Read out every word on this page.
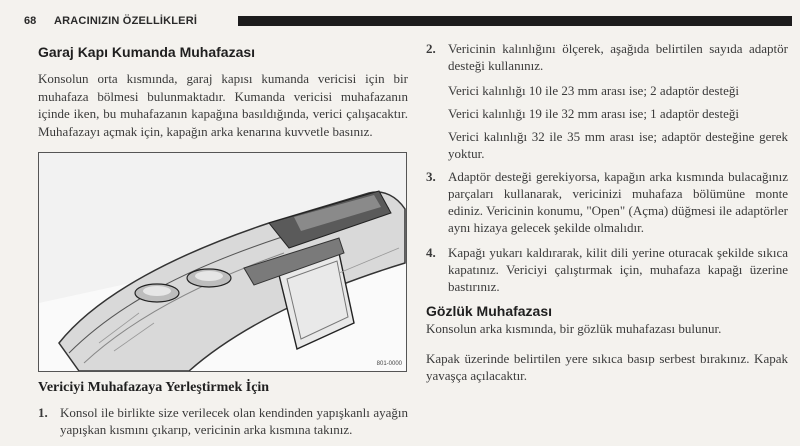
68 ARACINIZIN ÖZELLİKLERİ
Garaj Kapı Kumanda Muhafazası

Konsolun orta kısmında, garaj kapısı kumanda vericisi için bir muhafaza bölmesi bulunmaktadır. Kumanda vericisi muhafazanın içinde iken, bu muhafazanın kapağına basıldığında, verici çalışacaktır. Muhafazayı açmak için, kapağın arka kenarına kuvvetle basınız.

801-0000
Vericiyi Muhafazaya Yerleştirmek İçin
1. Konsol ile birlikte size verilecek olan kendinden yapışkanlı ayağın yapışkan kısmını çıkarıp, vericinin arka kısmına takınız.
2. Vericinin kalınlığını ölçerek, aşağıda belirtilen sayıda adaptör desteği kullanınız.

Verici kalınlığı 10 ile 23 mm arası ise; 2 adaptör desteği

Verici kalınlığı 19 ile 32 mm arası ise; 1 adaptör desteği

Verici kalınlığı 32 ile 35 mm arası ise; adaptör desteğine gerek yoktur.

3. Adaptör desteği gerekiyorsa, kapağın arka kısmında bulacağınız parçaları kullanarak, vericinizi muhafaza bölümüne monte ediniz. Vericinin konumu, "Open" (Açma) düğmesi ile adaptörler aynı hizaya gelecek şekilde olmalıdır.
4. Kapağı yukarı kaldırarak, kilit dili yerine oturacak şekilde sıkıca kapatınız. Vericiyi çalıştırmak için, muhafaza kapağı üzerine bastırınız.
Gözlük Muhafazası

Konsolun arka kısmında, bir gözlük muhafazası bulunur.

Kapak üzerinde belirtilen yere sıkıca basıp serbest bırakınız. Kapak yavaşça açılacaktır.
